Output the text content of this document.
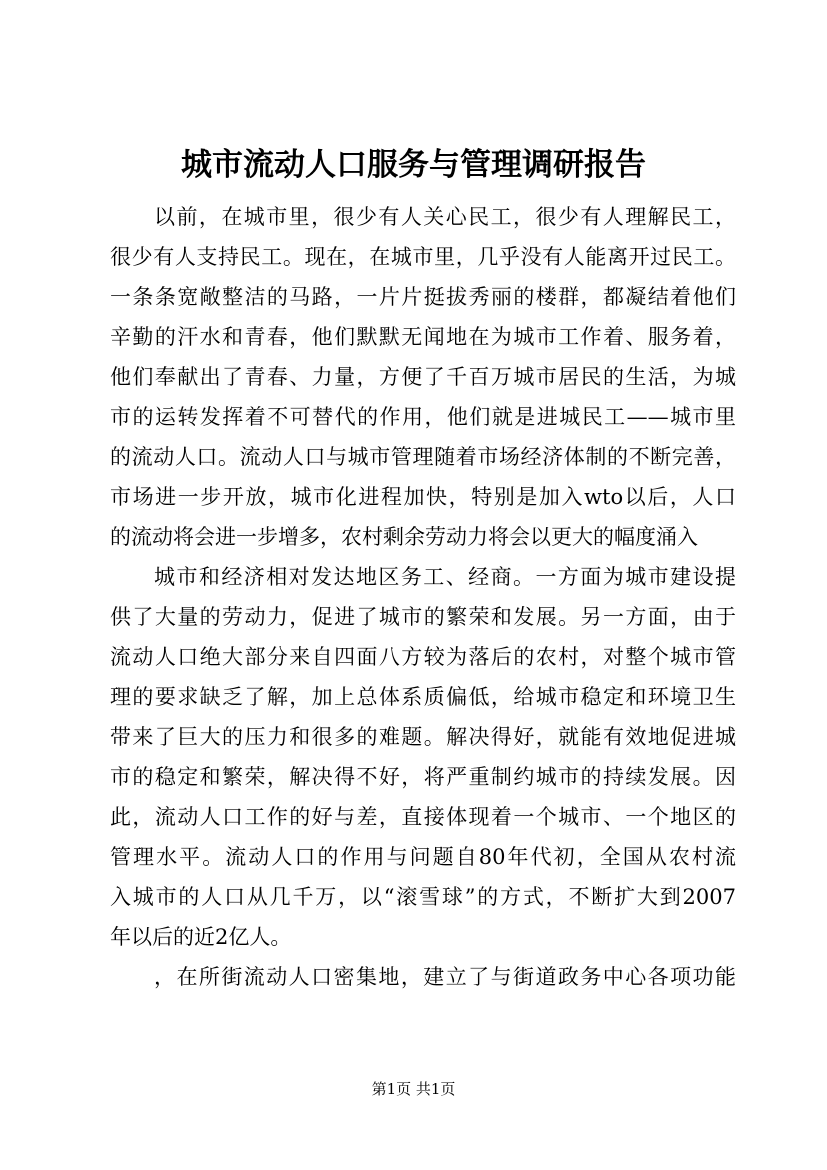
城市流动人口服务与管理调研报告
以前，在城市里，很少有人关心民工，很少有人理解民工，
很少有人支持民工。现在，在城市里，几乎没有人能离开过民工。
一条条宽敞整洁的马路，一片片挺拔秀丽的楼群，都凝结着他们
辛勤的汗水和青春，他们默默无闻地在为城市工作着、服务着，
他们奉献出了青春、力量，方便了千百万城市居民的生活，为城
市的运转发挥着不可替代的作用，他们就是进城民工——城市里
的流动人口。流动人口与城市管理随着市场经济体制的不断完善，
市场进一步开放，城市化进程加快，特别是加入wto以后，人口
的流动将会进一步增多，农村剩余劳动力将会以更大的幅度涌入
城市和经济相对发达地区务工、经商。一方面为城市建设提
供了大量的劳动力，促进了城市的繁荣和发展。另一方面，由于
流动人口绝大部分来自四面八方较为落后的农村，对整个城市管
理的要求缺乏了解，加上总体系质偏低，给城市稳定和环境卫生
带来了巨大的压力和很多的难题。解决得好，就能有效地促进城
市的稳定和繁荣，解决得不好，将严重制约城市的持续发展。因
此，流动人口工作的好与差，直接体现着一个城市、一个地区的
管理水平。流动人口的作用与问题自80年代初，全国从农村流
入城市的人口从几千万，以“滚雪球”的方式，不断扩大到2007
年以后的近2亿人。
，在所街流动人口密集地，建立了与街道政务中心各项功能
第1页 共1页
